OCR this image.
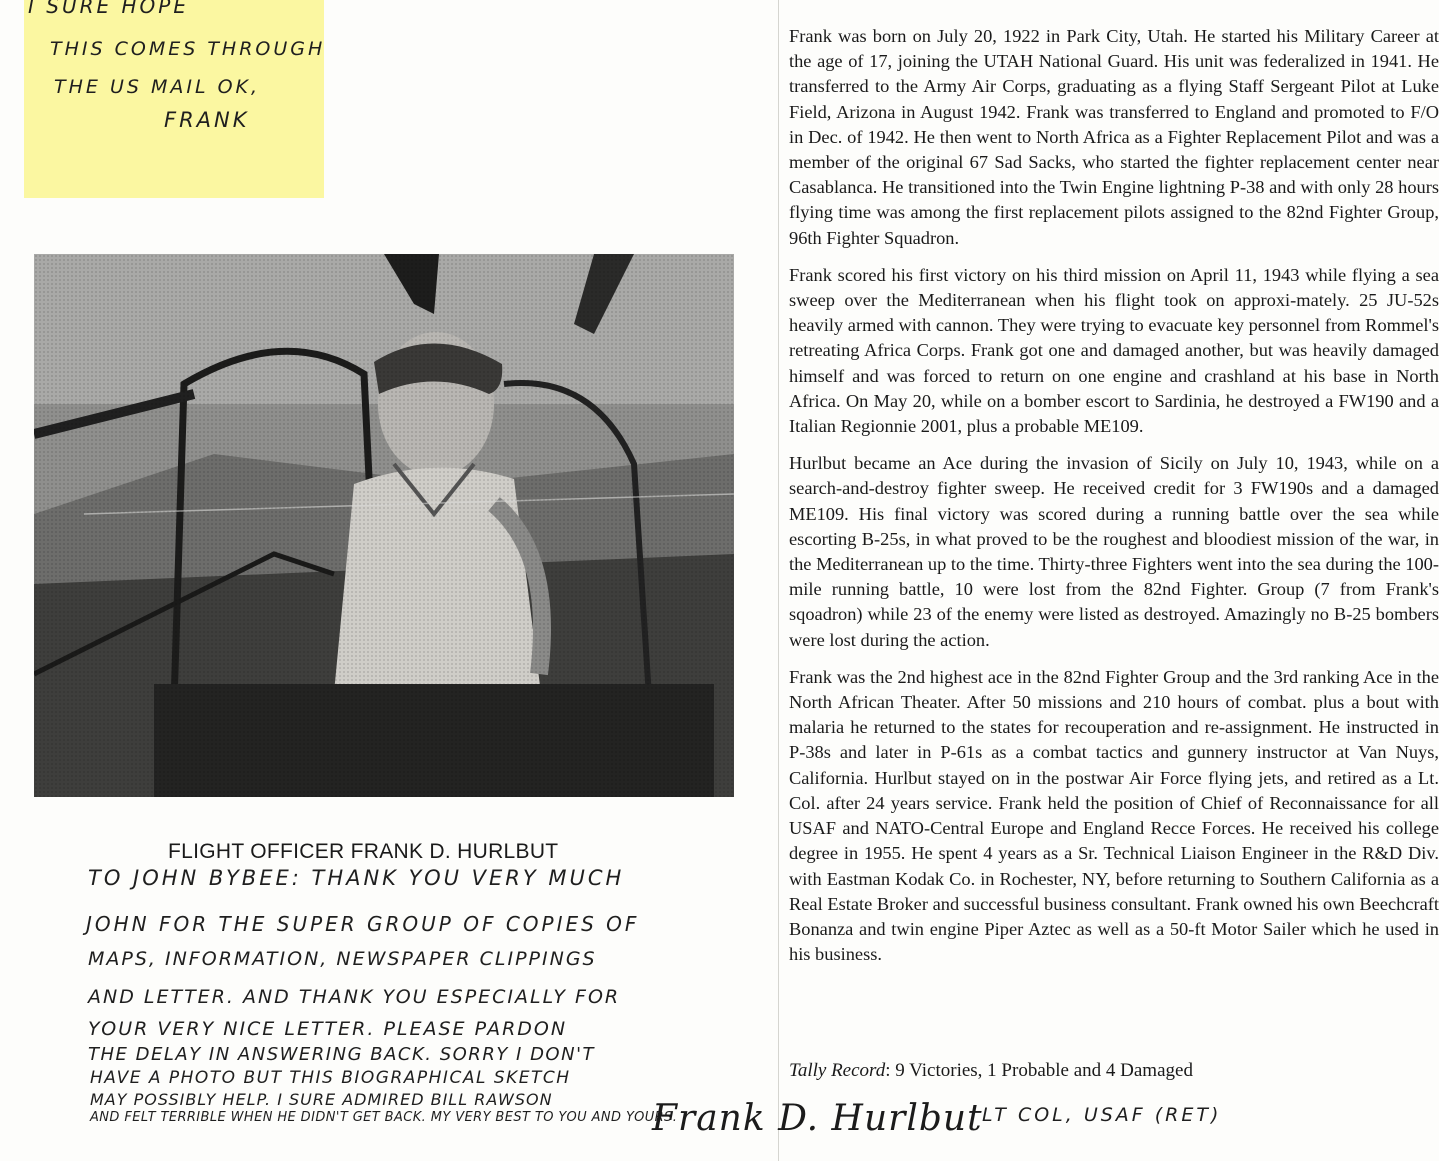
I SURE HOPE
THIS COMES THROUGH
THE US MAIL OK,
FRANK
FLIGHT OFFICER FRANK D. HURLBUT
TO JOHN BYBEE: THANK YOU VERY MUCH
JOHN FOR THE SUPER GROUP OF COPIES OF
MAPS, INFORMATION, NEWSPAPER CLIPPINGS
AND LETTER. AND THANK YOU ESPECIALLY FOR
YOUR VERY NICE LETTER. PLEASE PARDON
THE DELAY IN ANSWERING BACK. SORRY I DON'T
HAVE A PHOTO BUT THIS BIOGRAPHICAL SKETCH
MAY POSSIBLY HELP. I SURE ADMIRED BILL RAWSON
AND FELT TERRIBLE WHEN HE DIDN'T GET BACK. MY VERY BEST TO YOU AND YOURS.

Frank was born on July 20, 1922 in Park City, Utah. He started his Military Career at the age of 17, joining the UTAH National Guard. His unit was federalized in 1941. He transferred to the Army Air Corps, graduating as a flying Staff Sergeant Pilot at Luke Field, Arizona in August 1942. Frank was transferred to England and promoted to F/O in Dec. of 1942. He then went to North Africa as a Fighter Replacement Pilot and was a member of the original 67 Sad Sacks, who started the fighter replacement center near Casablanca. He transitioned into the Twin Engine lightning P-38 and with only 28 hours flying time was among the first replacement pilots assigned to the 82nd Fighter Group, 96th Fighter Squadron.

Frank scored his first victory on his third mission on April 11, 1943 while flying a sea sweep over the Mediterranean when his flight took on approxi-mately. 25 JU-52s heavily armed with cannon. They were trying to evacuate key personnel from Rommel's retreating Africa Corps. Frank got one and damaged another, but was heavily damaged himself and was forced to return on one engine and crashland at his base in North Africa. On May 20, while on a bomber escort to Sardinia, he destroyed a FW190 and a Italian Regionnie 2001, plus a probable ME109.

Hurlbut became an Ace during the invasion of Sicily on July 10, 1943, while on a search-and-destroy fighter sweep. He received credit for 3 FW190s and a damaged ME109. His final victory was scored during a running battle over the sea while escorting B-25s, in what proved to be the roughest and bloodiest mission of the war, in the Mediterranean up to the time. Thirty-three Fighters went into the sea during the 100-mile running battle, 10 were lost from the 82nd Fighter. Group (7 from Frank's sqoadron) while 23 of the enemy were listed as destroyed. Amazingly no B-25 bombers were lost during the action.

Frank was the 2nd highest ace in the 82nd Fighter Group and the 3rd ranking Ace in the North African Theater. After 50 missions and 210 hours of combat. plus a bout with malaria he returned to the states for recouperation and re-assignment. He instructed in P-38s and later in P-61s as a combat tactics and gunnery instructor at Van Nuys, California. Hurlbut stayed on in the postwar Air Force flying jets, and retired as a Lt. Col. after 24 years service. Frank held the position of Chief of Reconnaissance for all USAF and NATO-Central Europe and England Recce Forces. He received his college degree in 1955. He spent 4 years as a Sr. Technical Liaison Engineer in the R&D Div. with Eastman Kodak Co. in Rochester, NY, before returning to Southern California as a Real Estate Broker and successful business consultant. Frank owned his own Beechcraft Bonanza and twin engine Piper Aztec as well as a 50-ft Motor Sailer which he used in his business.

Tally Record: 9 Victories, 1 Probable and 4 Damaged
Frank D. Hurlbut LT COL, USAF (RET)
